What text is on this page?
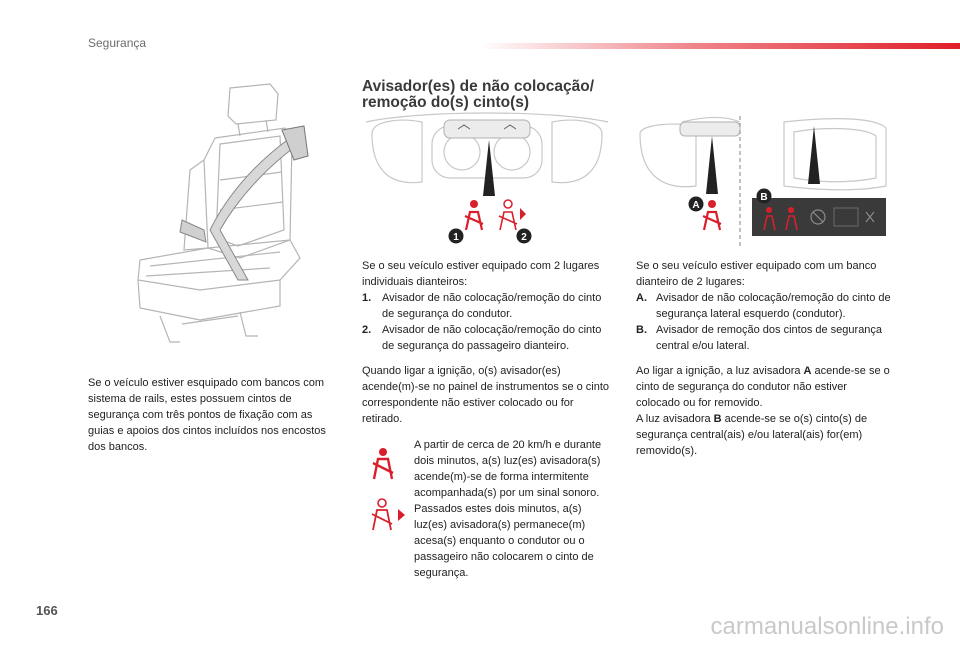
Segurança

Se o veículo estiver esquipado com bancos com sistema de rails, estes possuem cintos de segurança com três pontos de fixação com as guias e apoios dos cintos incluídos nos encostos dos bancos.

Avisador(es) de não colocação/
remoção do(s) cinto(s)
1	2
A
B

Se o seu veículo estiver equipado com 2 lugares individuais dianteiros:

1. Avisador de não colocação/remoção do cinto de segurança do condutor.
2. Avisador de não colocação/remoção do cinto de segurança do passageiro dianteiro.

Quando ligar a ignição, o(s) avisador(es) acende(m)-se no painel de instrumentos se o cinto correspondente não estiver colocado ou for retirado.

A partir de cerca de 20 km/h e durante dois minutos, a(s) luz(es) avisadora(s) acende(m)-se de forma intermitente acompanhada(s) por um sinal sonoro. Passados estes dois minutos, a(s) luz(es) avisadora(s) permanece(m) acesa(s) enquanto o condutor ou o passageiro não colocarem o cinto de segurança.

Se o seu veículo estiver equipado com um banco dianteiro de 2 lugares:

A. Avisador de não colocação/remoção do cinto de segurança lateral esquerdo (condutor).
B. Avisador de remoção dos cintos de segurança central e/ou lateral.

Ao ligar a ignição, a luz avisadora A acende-se se o cinto de segurança do condutor não estiver colocado ou for removido.

A luz avisadora B acende-se se o(s) cinto(s) de segurança central(ais) e/ou lateral(ais) for(em) removido(s).

166
carmanualsonline.info
